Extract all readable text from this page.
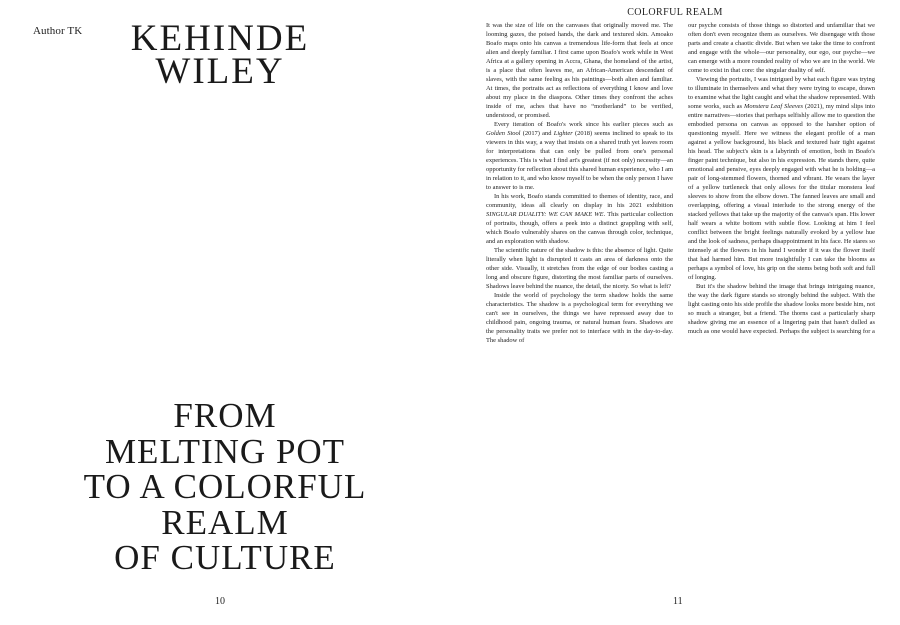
Author TK KEHINDE
WILEY
FROM
MELTING POT
TO A COLORFUL
REALM
OF CULTURE
10
COLORFUL REALM

It was the size of life on the canvases that originally moved me. The looming gazes, the poised hands, the dark and textured skin. Amoako Boafo maps onto his canvas a tremendous life-form that feels at once alien and deeply familiar. I first came upon Boafo's work while in West Africa at a gallery opening in Accra, Ghana, the homeland of the artist, is a place that often leaves me, an African-American descendant of slaves, with the same feeling as his paintings—both alien and familiar. At times, the portraits act as reflections of everything I know and love about my place in the diaspora. Other times they confront the aches inside of me, aches that have no “motherland” to be verified, understood, or promised.

Every iteration of Boafo's work since his earlier pieces such as Golden Stool (2017) and Lighter (2018) seems inclined to speak to its viewers in this way, a way that insists on a shared truth yet leaves room for interpretations that can only be pulled from one's personal experiences. This is what I find art's greatest (if not only) necessity—an opportunity for reflection about this shared human experience, who I am in relation to it, and who know myself to be when the only person I have to answer to is me.

In his work, Boafo stands committed to themes of identity, race, and community, ideas all clearly on display in his 2021 exhibition SINGULAR DUALITY: WE CAN MAKE WE. This particular collection of portraits, though, offers a peek into a distinct grappling with self, which Boafo vulnerably shares on the canvas through color, technique, and an exploration with shadow.

The scientific nature of the shadow is this: the absence of light. Quite literally when light is disrupted it casts an area of darkness onto the other side. Visually, it stretches from the edge of our bodies casting a long and obscure figure, distorting the most familiar parts of ourselves. Shadows leave behind the nuance, the detail, the nicety. So what is left?

Inside the world of psychology the term shadow holds the same characteristics. The shadow is a psychological term for everything we can't see in ourselves, the things we have repressed away due to childhood pain, ongoing trauma, or natural human fears. Shadows are the personality traits we prefer not to interface with in the day-to-day. The shadow of

our psyche consists of those things so distorted and unfamiliar that we often don't even recognize them as ourselves. We disengage with those parts and create a chaotic divide. But when we take the time to confront and engage with the whole—our personality, our ego, our psyche—we can emerge with a more rounded reality of who we are in the world. We come to exist in that core: the singular duality of self.

Viewing the portraits, I was intrigued by what each figure was trying to illuminate in themselves and what they were trying to escape, drawn to examine what the light caught and what the shadow represented. With some works, such as Monstera Leaf Sleeves (2021), my mind slips into entire narratives—stories that perhaps selfishly allow me to question the embodied persona on canvas as opposed to the harsher option of questioning myself. Here we witness the elegant profile of a man against a yellow background, his black and textured hair tight against his head. The subject's skin is a labyrinth of emotion, both in Boafo's finger paint technique, but also in his expression. He stands there, quite emotional and pensive, eyes deeply engaged with what he is holding—a pair of long-stemmed flowers, thorned and vibrant. He wears the layer of a yellow turtleneck that only allows for the titular monstera leaf sleeves to show from the elbow down. The fanned leaves are small and overlapping, offering a visual interlude to the strong energy of the stacked yellows that take up the majority of the canvas's span. His lower half wears a white bottom with subtle flow. Looking at him I feel conflict between the bright feelings naturally evoked by a yellow hue and the look of sadness, perhaps disappointment in his face. He stares so intensely at the flowers in his hand I wonder if it was the flower itself that had harmed him. But more insightfully I can take the blooms as perhaps a symbol of love, his grip on the stems being both soft and full of longing.

But it's the shadow behind the image that brings intriguing nuance, the way the dark figure stands so strongly behind the subject. With the light casting onto his side profile the shadow looks more beside him, not so much a stranger, but a friend. The thorns cast a particularly sharp shadow giving me an essence of a lingering pain that hasn't dulled as much as one would have expected. Perhaps the subject is searching for a

11
